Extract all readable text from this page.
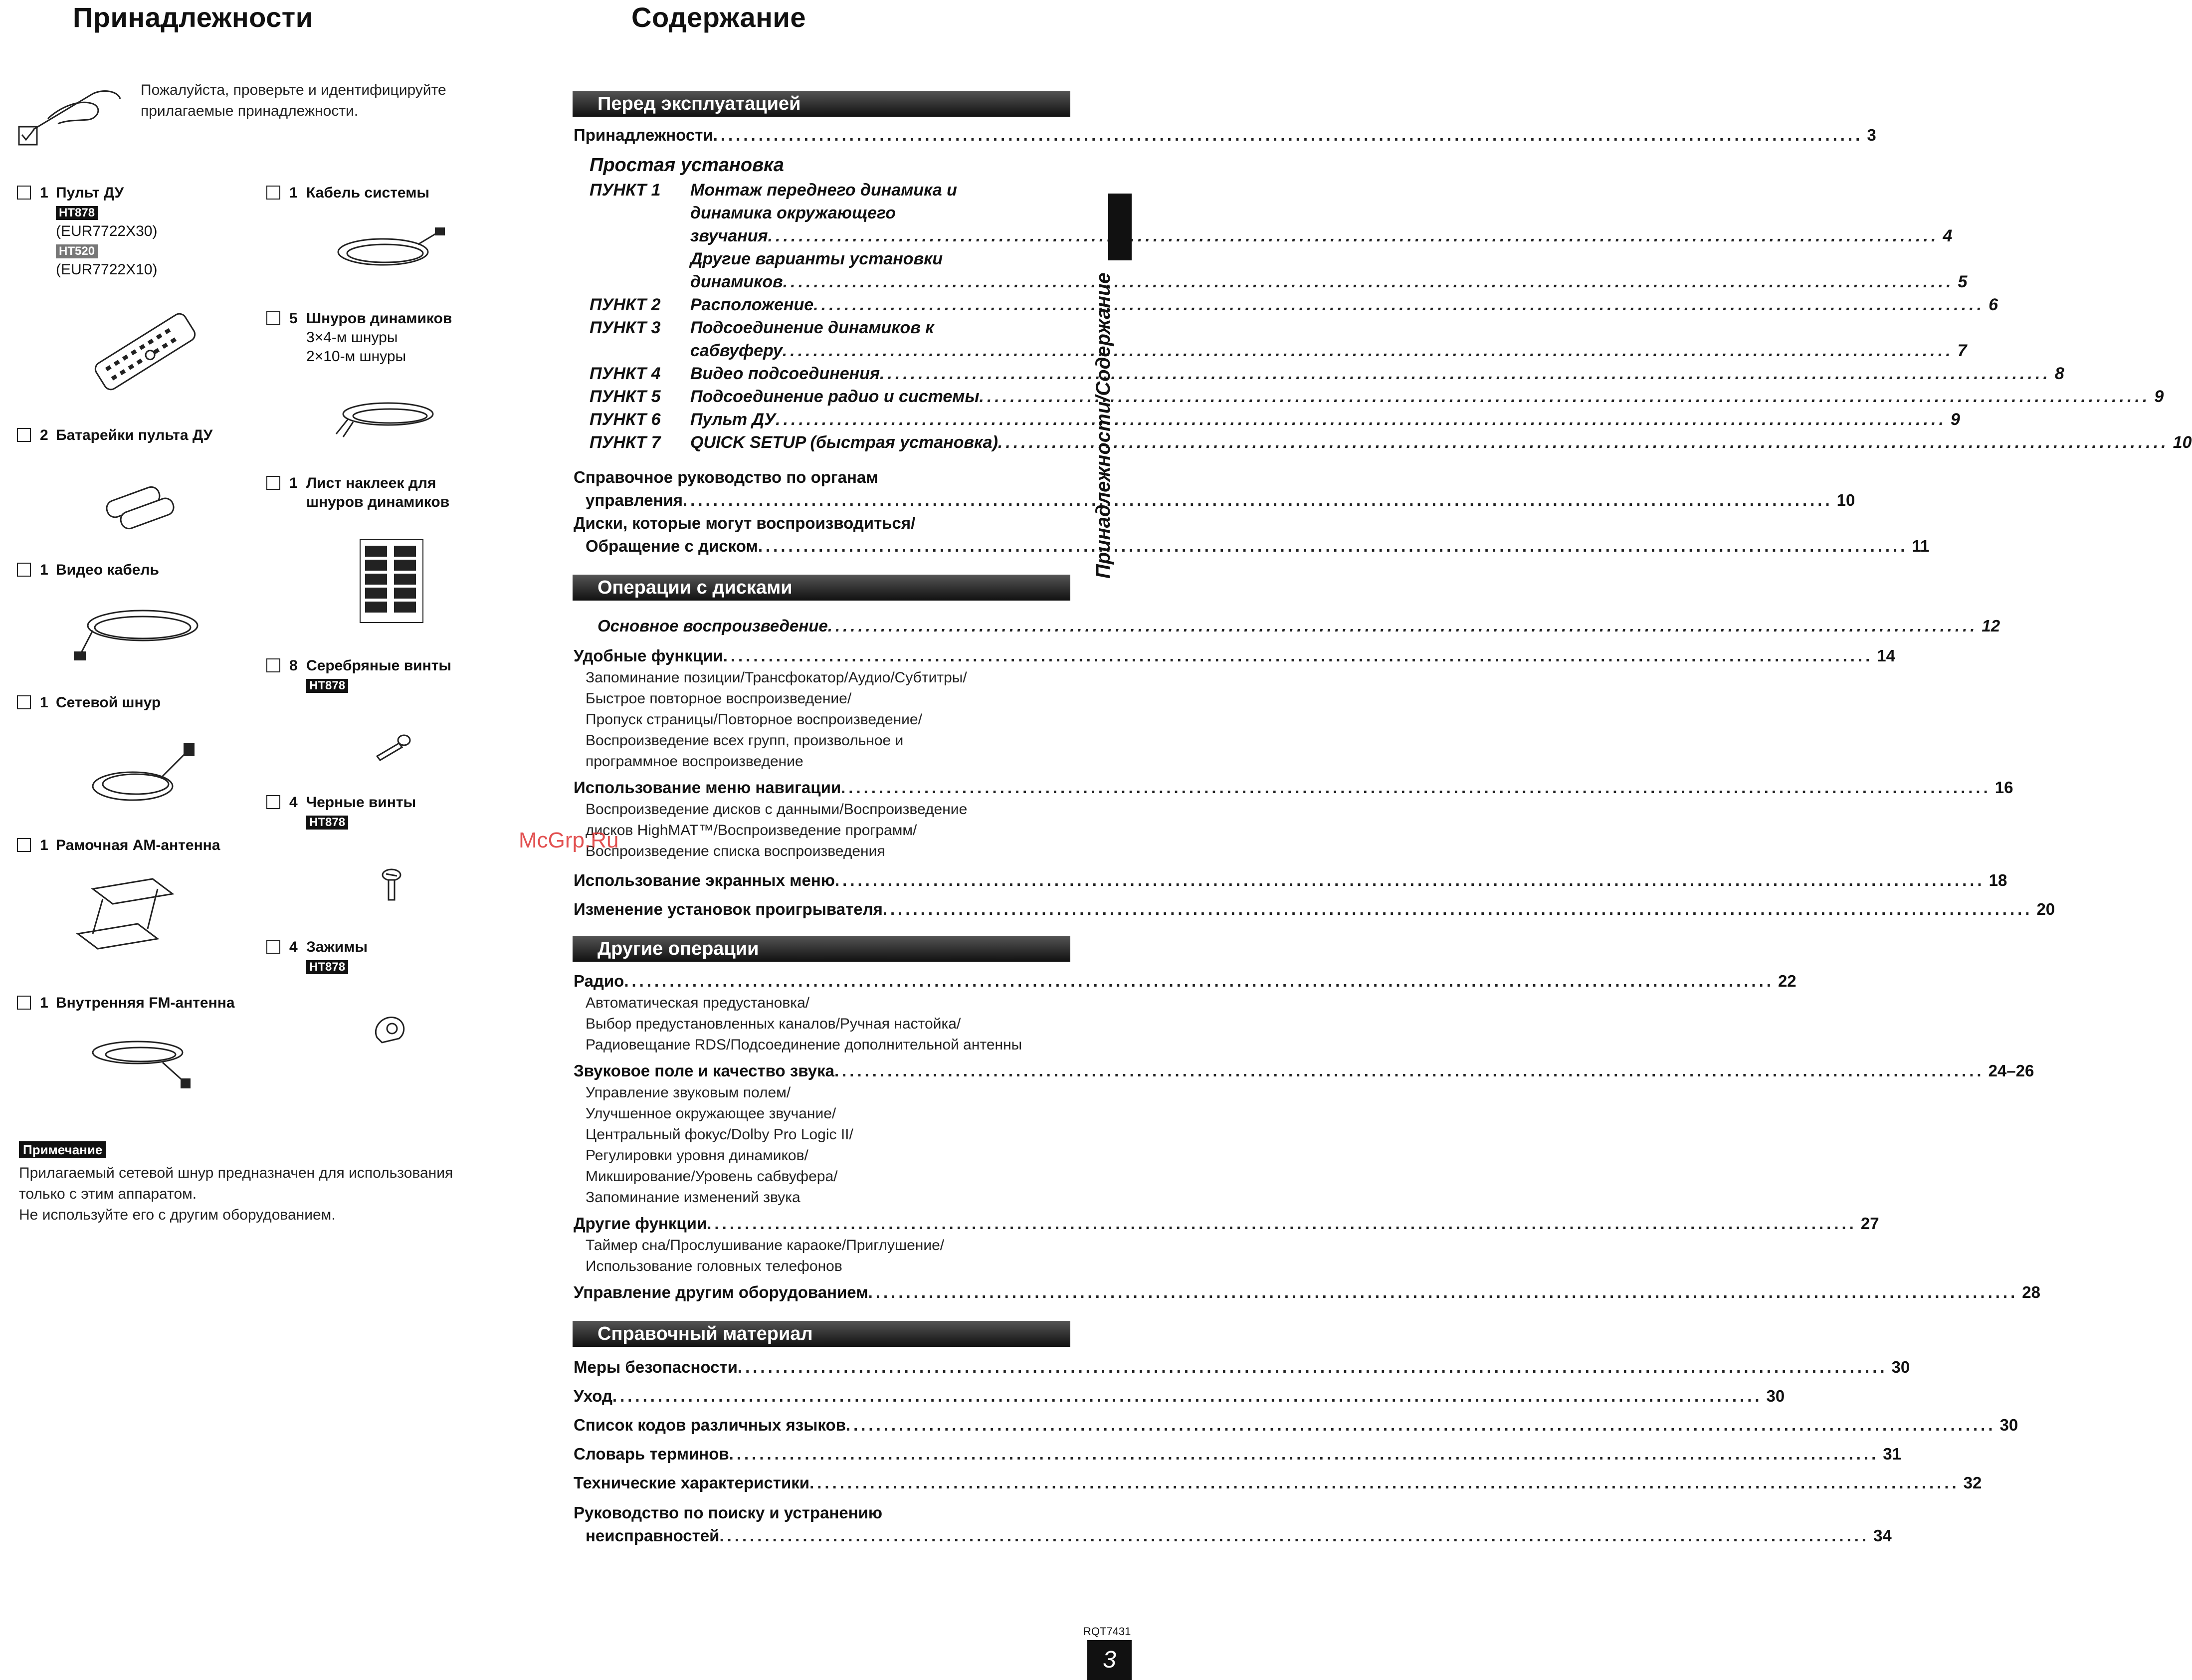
Принадлежности
Пожалуйста, проверьте и идентифицируйте
прилагаемые принадлежности.
1 Пульт ДУ
HT878
(EUR7722X30)
HT520
(EUR7722X10)
2 Батарейки пульта ДУ
1 Видео кабель
1 Сетевой шнур
1 Рамочная АМ-антенна
1 Внутренняя FM-антенна
1 Кабель системы
5 Шнуров динамиков
3×4-м шнуры
2×10-м шнуры
1 Лист наклеек для
шнуров динамиков
8 Серебряные винты
HT878
4 Черные винты
HT878
4 Зажимы
HT878
Примечание
Прилагаемый сетевой шнур предназначен для использования
только с этим аппаратом.
Не используйте его с другим оборудованием.
Содержание
Перед эксплуатацией
Принадлежности .....	3
Простая установка
ПУНКТ 1	Монтаж переднего динамика и
динамика окружающего
звучания .....	4
Другие варианты установки
динамиков .....	5
ПУНКТ 2	Расположение .....	6
ПУНКТ 3	Подсоединение динамиков к
сабвуферу .....	7
ПУНКТ 4	Видео подсоединения .....	8
ПУНКТ 5	Подсоединение радио и системы .....	9
ПУНКТ 6	Пульт ДУ .....	9
ПУНКТ 7	QUICK SETUP (быстрая установка) .....	10
Справочное руководство по органам
управления .....	10
Диски, которые могут воспроизводиться/
Обращение с диском .....	11
Операции с дисками
Основное воспроизведение .....	12
Удобные функции .....	14
Запоминание позиции/Трансфокатор/Аудио/Субтитры/
Быстрое повторное воспроизведение/
Пропуск страницы/Повторное воспроизведение/
Воспроизведение всех групп, произвольное и
программное воспроизведение
Использование меню навигации .....	16
Воспроизведение дисков с данными/Воспроизведение
дисков HighMAT™/Воспроизведение программ/
Воспроизведение списка воспроизведения
Использование экранных меню .....	18
Изменение установок проигрывателя .....	20
Другие операции
Радио .....	22
Автоматическая предустановка/
Выбор предустановленных каналов/Ручная настойка/
Радиовещание RDS/Подсоединение дополнительной антенны
Звуковое поле и качество звука .....	24–26
Управление звуковым полем/
Улучшенное окружающее звучание/
Центральный фокус/Dolby Pro Logic II/
Регулировки уровня динамиков/
Микширование/Уровень сабвуфера/
Запоминание изменений звука
Другие функции .....	27
Таймер сна/Прослушивание караоке/Приглушение/
Использование головных телефонов
Управление другим оборудованием .....	28
Справочный материал
Меры безопасности .....	30
Уход .....	30
Список кодов различных языков .....	30
Словарь терминов .....	31
Технические характеристики .....	32
Руководство по поиску и устранению
неисправностей .....	34
Принадлежности/Содержание
McGrp.Ru
RQT7431
3
